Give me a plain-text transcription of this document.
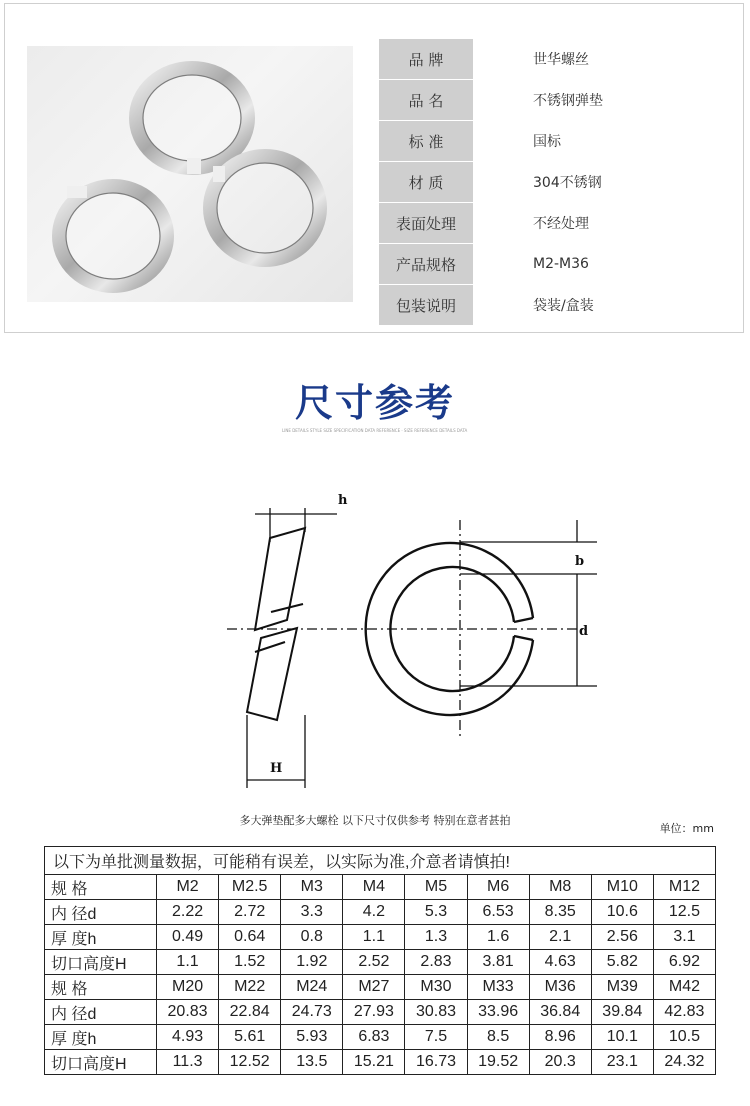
品 牌	世华螺丝
品 名	不锈钢弹垫
标 准	国标
材 质	304不锈钢
表面处理	不经处理
产品规格	M2-M36
包装说明	袋装/盒装
尺寸参考
LINE DETAILS STYLE SIZE SPECIFICATION DATA REFERENCE · SIZE REFERENCE DETAILS DATA
h
H
b
d
多大弹垫配多大螺栓 以下尺寸仅供参考 特别在意者甚拍
单位：mm
以下为单批测量数据，可能稍有误差，以实际为准,介意者请慎拍!									
规 格	M2	M2.5	M3	M4	M5	M6	M8	M10	M12
内 径d	2.22	2.72	3.3	4.2	5.3	6.53	8.35	10.6	12.5
厚 度h	0.49	0.64	0.8	1.1	1.3	1.6	2.1	2.56	3.1
切口高度H	1.1	1.52	1.92	2.52	2.83	3.81	4.63	5.82	6.92
规 格	M20	M22	M24	M27	M30	M33	M36	M39	M42
内 径d	20.83	22.84	24.73	27.93	30.83	33.96	36.84	39.84	42.83
厚 度h	4.93	5.61	5.93	6.83	7.5	8.5	8.96	10.1	10.5
切口高度H	11.3	12.52	13.5	15.21	16.73	19.52	20.3	23.1	24.32
